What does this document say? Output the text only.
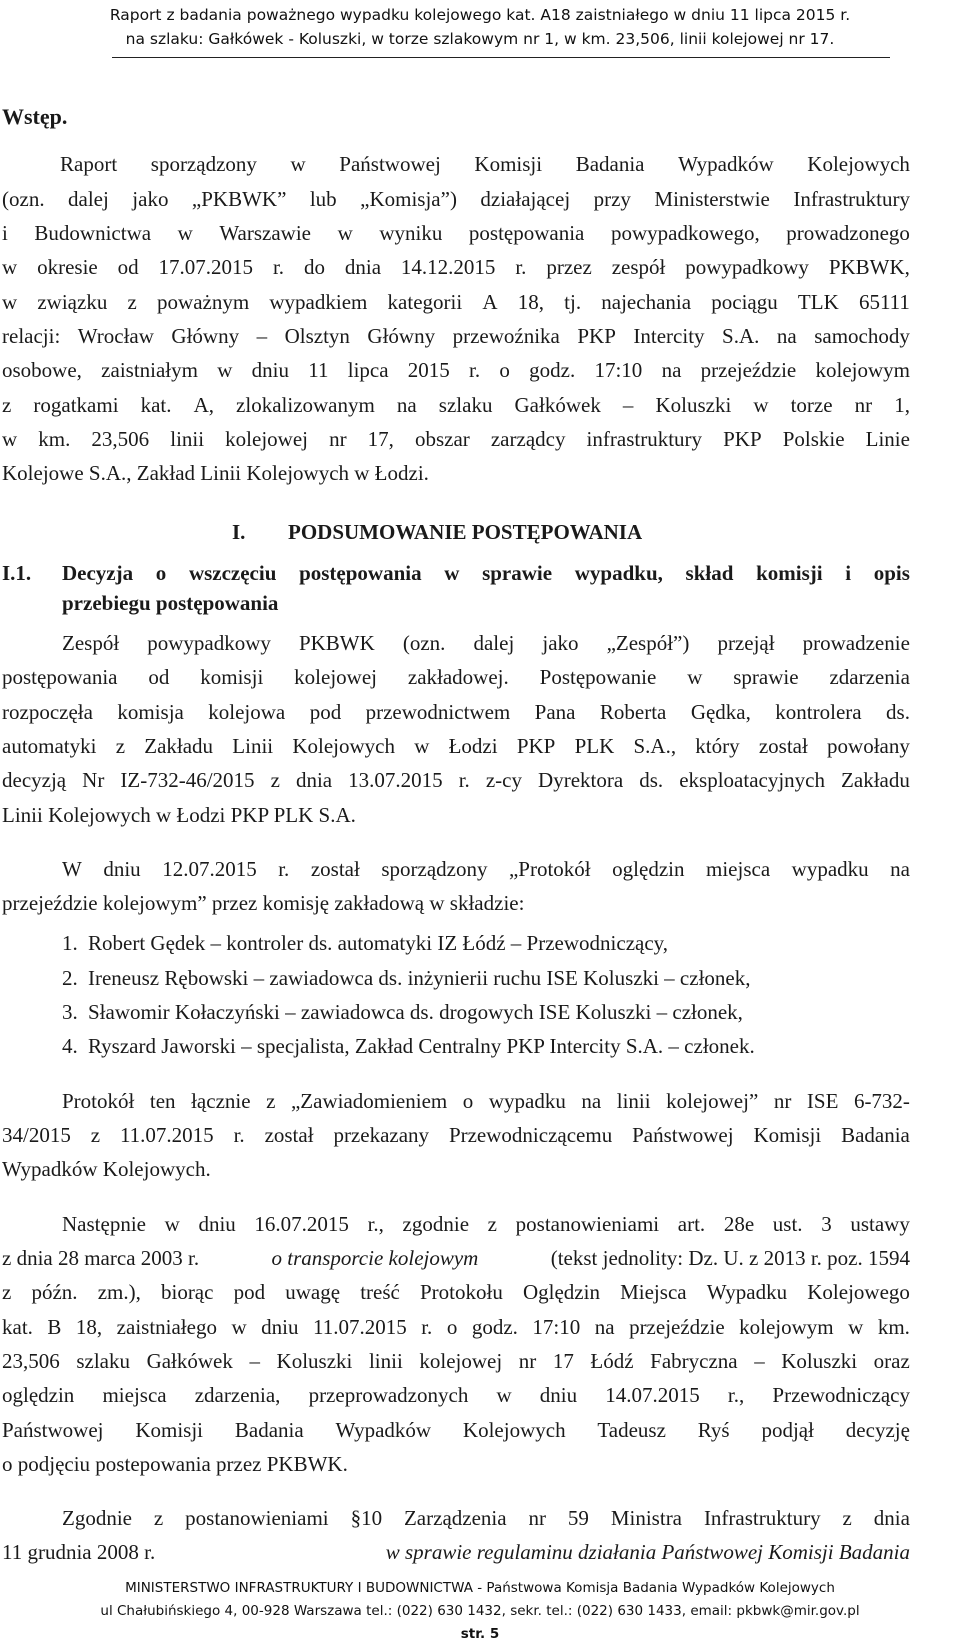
Raport z badania poważnego wypadku kolejowego kat. A18 zaistniałego w dniu 11 lipca 2015 r.
na szlaku: Gałkówek - Koluszki, w torze szlakowym nr 1, w km. 23,506, linii kolejowej nr 17.
Wstęp.
Raport sporządzony w Państwowej Komisji Badania Wypadków Kolejowych
(ozn. dalej jako „PKBWK” lub „Komisja”) działającej przy Ministerstwie Infrastruktury
i Budownictwa w Warszawie w wyniku postępowania powypadkowego, prowadzonego
w okresie od 17.07.2015 r. do dnia 14.12.2015 r. przez zespół powypadkowy PKBWK,
w związku z poważnym wypadkiem kategorii A 18, tj. najechania pociągu TLK 65111
relacji: Wrocław Główny – Olsztyn Główny przewoźnika PKP Intercity S.A. na samochody
osobowe, zaistniałym w dniu 11 lipca 2015 r. o godz. 17:10 na przejeździe kolejowym
z rogatkami kat. A, zlokalizowanym na szlaku Gałkówek – Koluszki w torze nr 1,
w km. 23,506 linii kolejowej nr 17, obszar zarządcy infrastruktury PKP Polskie Linie
Kolejowe S.A., Zakład Linii Kolejowych w Łodzi.
I.	PODSUMOWANIE POSTĘPOWANIA
I.1.	Decyzja o wszczęciu postępowania w sprawie wypadku, skład komisji i opis
przebiegu postępowania
Zespół powypadkowy PKBWK (ozn. dalej jako „Zespół”) przejął prowadzenie
postępowania od komisji kolejowej zakładowej. Postępowanie w sprawie zdarzenia
rozpoczęła komisja kolejowa pod przewodnictwem Pana Roberta Gędka, kontrolera ds.
automatyki z Zakładu Linii Kolejowych w Łodzi PKP PLK S.A., który został powołany
decyzją Nr IZ-732-46/2015 z dnia 13.07.2015 r. z-cy Dyrektora ds. eksploatacyjnych Zakładu
Linii Kolejowych w Łodzi PKP PLK S.A.
W dniu 12.07.2015 r. został sporządzony „Protokół oględzin miejsca wypadku na
przejeździe kolejowym” przez komisję zakładową w składzie:
1. Robert Gędek – kontroler ds. automatyki IZ Łódź – Przewodniczący,
2. Ireneusz Rębowski – zawiadowca ds. inżynierii ruchu ISE Koluszki – członek,
3. Sławomir Kołaczyński – zawiadowca ds. drogowych ISE Koluszki – członek,
4. Ryszard Jaworski – specjalista, Zakład Centralny PKP Intercity S.A. – członek.
Protokół ten łącznie z „Zawiadomieniem o wypadku na linii kolejowej” nr ISE 6-732-
34/2015 z 11.07.2015 r. został przekazany Przewodniczącemu Państwowej Komisji Badania
Wypadków Kolejowych.
Następnie w dniu 16.07.2015 r., zgodnie z postanowieniami art. 28e ust. 3 ustawy
z dnia 28 marca 2003 r.	o transporcie kolejowym	(tekst jednolity: Dz. U. z 2013 r. poz. 1594
z późn. zm.), biorąc pod uwagę treść Protokołu Oględzin Miejsca Wypadku Kolejowego
kat. B 18, zaistniałego w dniu 11.07.2015 r. o godz. 17:10 na przejeździe kolejowym w km.
23,506 szlaku Gałkówek – Koluszki linii kolejowej nr 17 Łódź Fabryczna – Koluszki oraz
oględzin miejsca zdarzenia, przeprowadzonych w dniu 14.07.2015 r., Przewodniczący
Państwowej Komisji Badania Wypadków Kolejowych Tadeusz Ryś podjął decyzję
o podjęciu postepowania przez PKBWK.
Zgodnie z postanowieniami §10 Zarządzenia nr 59 Ministra Infrastruktury z dnia
11 grudnia 2008 r.	w sprawie regulaminu działania Państwowej Komisji Badania
MINISTERSTWO INFRASTRUKTURY I BUDOWNICTWA - Państwowa Komisja Badania Wypadków Kolejowych
ul Chałubińskiego 4, 00-928 Warszawa tel.: (022) 630 1432, sekr. tel.: (022) 630 1433, email: pkbwk@mir.gov.pl
str. 5
